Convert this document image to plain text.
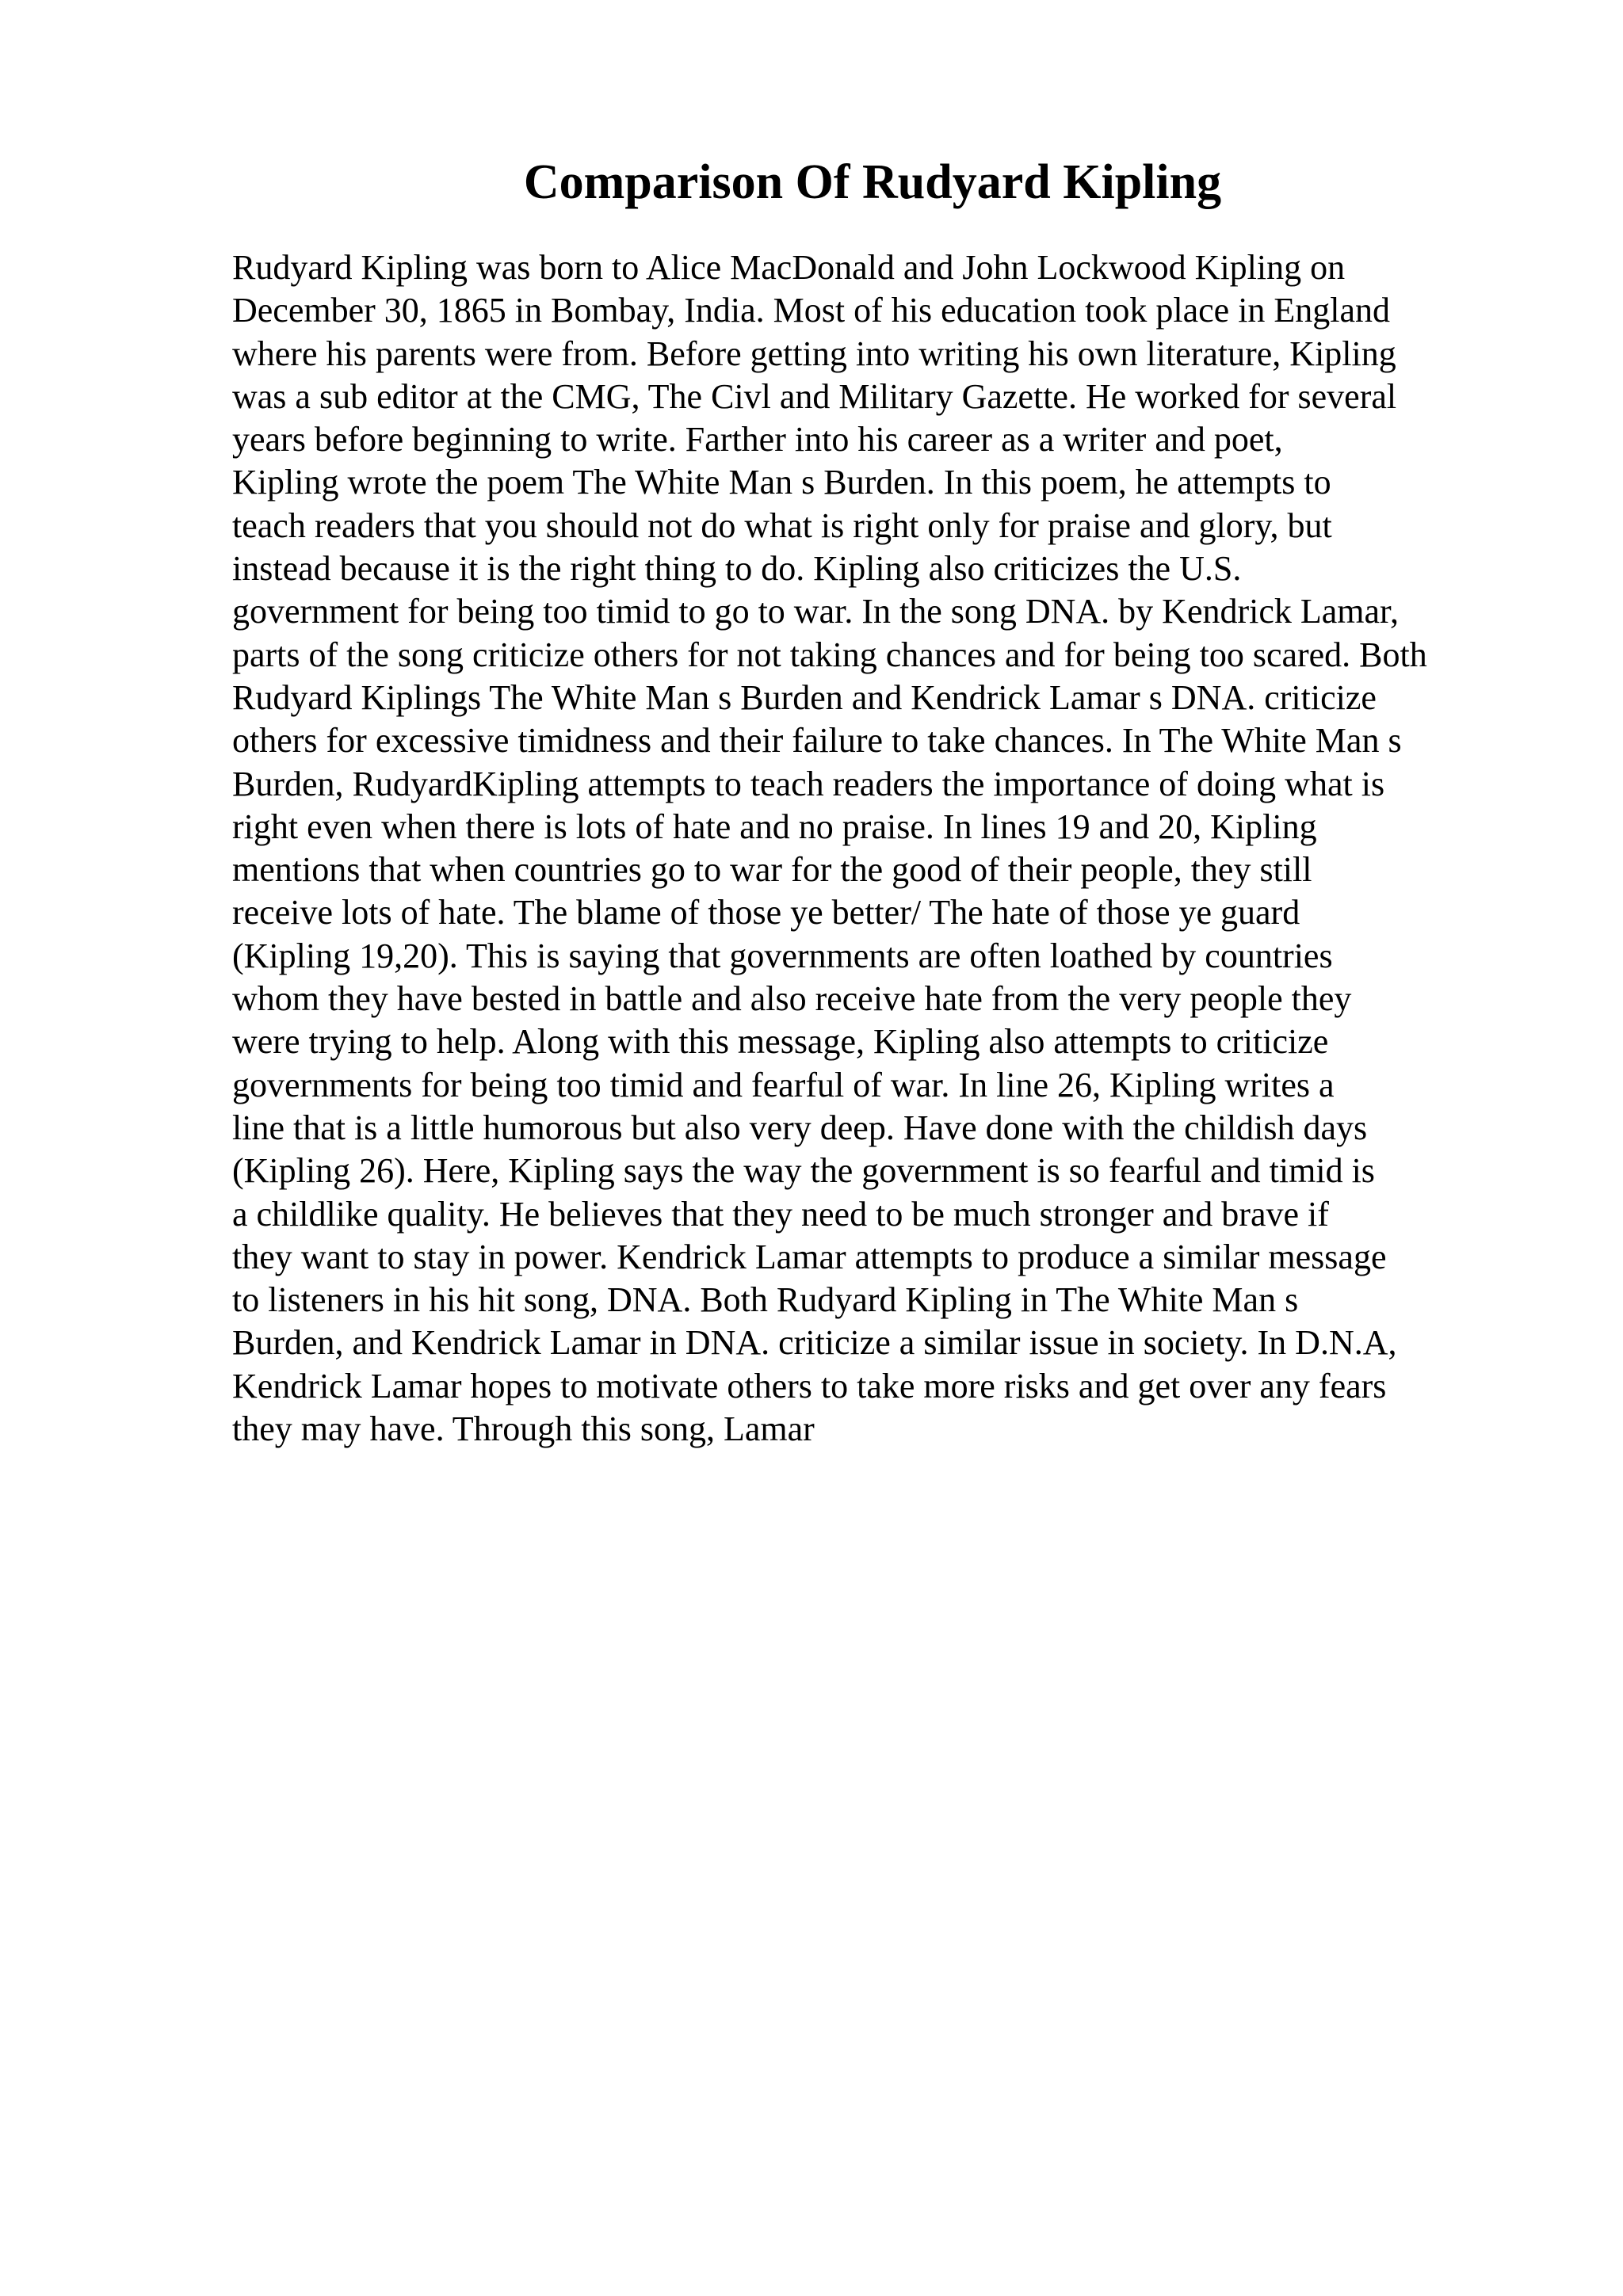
Comparison Of Rudyard Kipling
Rudyard Kipling was born to Alice MacDonald and John Lockwood Kipling on
December 30, 1865 in Bombay, India. Most of his education took place in England
where his parents were from. Before getting into writing his own literature, Kipling
was a sub editor at the CMG, The Civl and Military Gazette. He worked for several
years before beginning to write. Farther into his career as a writer and poet,
Kipling wrote the poem The White Man s Burden. In this poem, he attempts to
teach readers that you should not do what is right only for praise and glory, but
instead because it is the right thing to do. Kipling also criticizes the U.S.
government for being too timid to go to war. In the song DNA. by Kendrick Lamar,
parts of the song criticize others for not taking chances and for being too scared. Both
Rudyard Kiplings The White Man s Burden and Kendrick Lamar s DNA. criticize
others for excessive timidness and their failure to take chances. In The White Man s
Burden, RudyardKipling attempts to teach readers the importance of doing what is
right even when there is lots of hate and no praise. In lines 19 and 20, Kipling
mentions that when countries go to war for the good of their people, they still
receive lots of hate. The blame of those ye better/ The hate of those ye guard
(Kipling 19,20). This is saying that governments are often loathed by countries
whom they have bested in battle and also receive hate from the very people they
were trying to help. Along with this message, Kipling also attempts to criticize
governments for being too timid and fearful of war. In line 26, Kipling writes a
line that is a little humorous but also very deep. Have done with the childish days
(Kipling 26). Here, Kipling says the way the government is so fearful and timid is
a childlike quality. He believes that they need to be much stronger and brave if
they want to stay in power. Kendrick Lamar attempts to produce a similar message
to listeners in his hit song, DNA. Both Rudyard Kipling in The White Man s
Burden, and Kendrick Lamar in DNA. criticize a similar issue in society. In D.N.A,
Kendrick Lamar hopes to motivate others to take more risks and get over any fears
they may have. Through this song, Lamar
